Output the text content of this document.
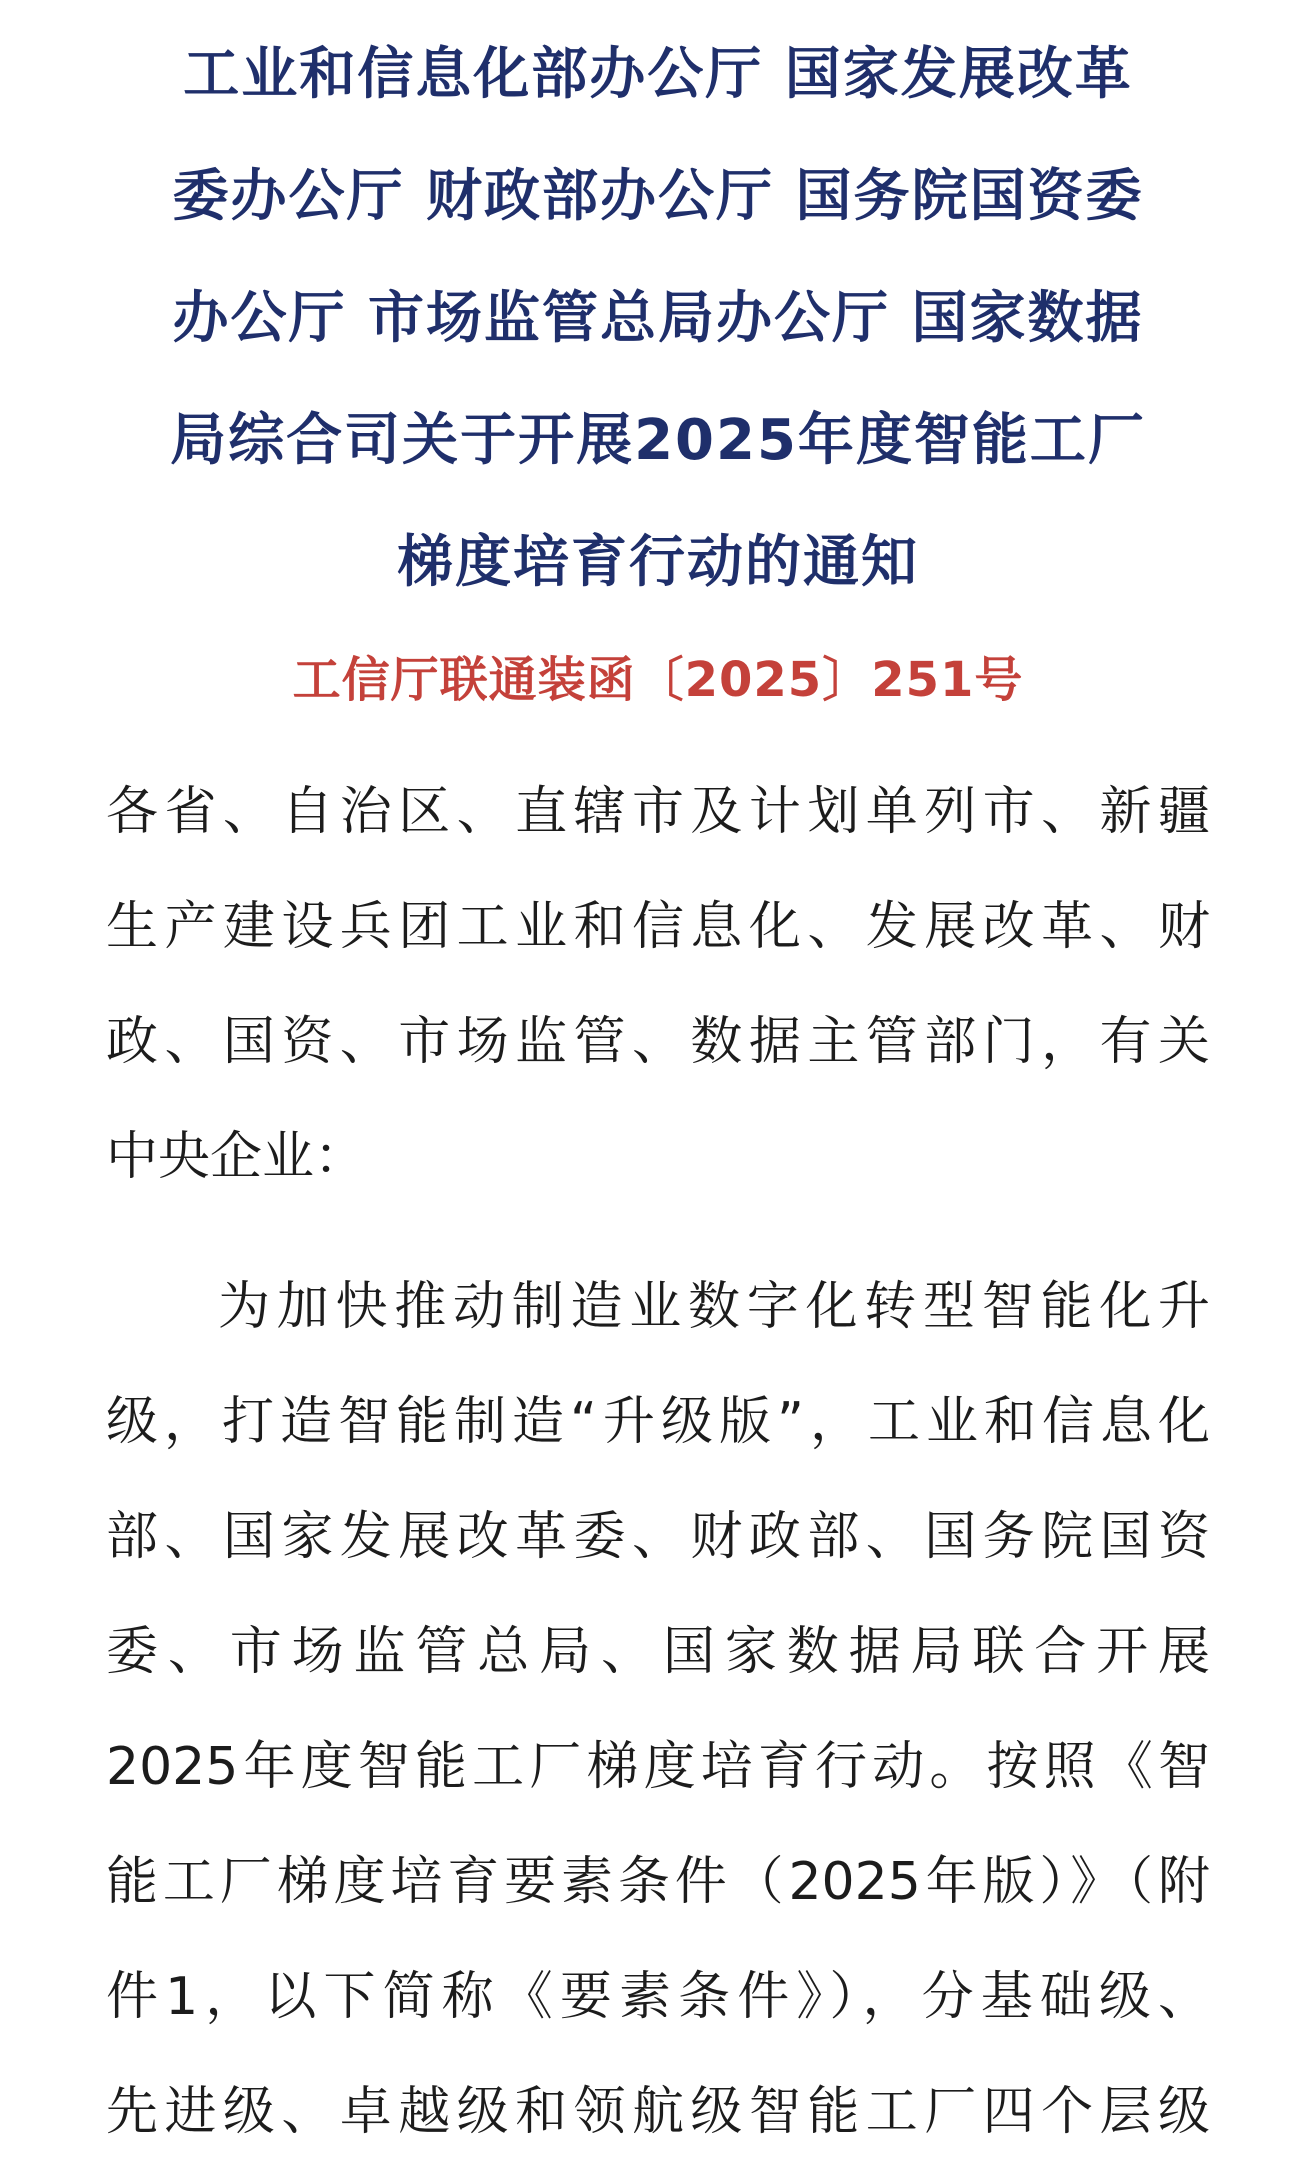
工业和信息化部办公厅 国家发展改革
委办公厅 财政部办公厅 国务院国资委
办公厅 市场监管总局办公厅 国家数据
局综合司关于开展2025年度智能工厂
梯度培育行动的通知
工信厅联通装函〔2025〕251号
各省、自治区、直辖市及计划单列市、新疆
生产建设兵团工业和信息化、发展改革、财
政、国资、市场监管、数据主管部门，有关
中央企业：
为加快推动制造业数字化转型智能化升
级，打造智能制造“升级版”，工业和信息化
部、国家发展改革委、财政部、国务院国资
委、市场监管总局、国家数据局联合开展
2025年度智能工厂梯度培育行动。按照《智
能工厂梯度培育要素条件（2025年版）》（附
件1，以下简称《要素条件》），分基础级、
先进级、卓越级和领航级智能工厂四个层级
